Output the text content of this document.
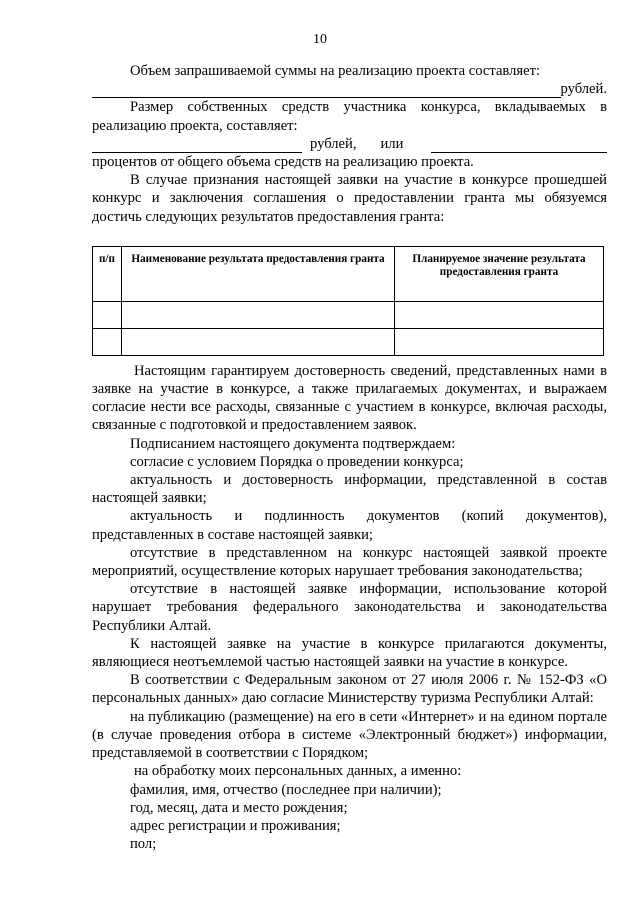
10

Объем запрашиваемой суммы на реализацию проекта составляет:

рублей.

Размер собственных средств участника конкурса, вкладываемых в реализацию проекта, составляет:

рублей, или

процентов от общего объема средств на реализацию проекта.

В случае признания настоящей заявки на участие в конкурсе прошедшей конкурс и заключения соглашения о предоставлении гранта мы обязуемся достичь следующих результатов предоставления гранта:

п/п	Наименование результата предоставления гранта	Планируемое значение результата предоставления гранта

Настоящим гарантируем достоверность сведений, представленных нами в заявке на участие в конкурсе, а также прилагаемых документах, и выражаем согласие нести все расходы, связанные с участием в конкурсе, включая расходы, связанные с подготовкой и предоставлением заявок.

Подписанием настоящего документа подтверждаем:

согласие с условием Порядка о проведении конкурса;

актуальность и достоверность информации, представленной в состав настоящей заявки;

актуальность и подлинность документов (копий документов), представленных в составе настоящей заявки;

отсутствие в представленном на конкурс настоящей заявкой проекте мероприятий, осуществление которых нарушает требования законодательства;

отсутствие в настоящей заявке информации, использование которой нарушает требования федерального законодательства и законодательства Республики Алтай.

К настоящей заявке на участие в конкурсе прилагаются документы, являющиеся неотъемлемой частью настоящей заявки на участие в конкурсе.

В соответствии с Федеральным законом от 27 июля 2006 г. № 152-ФЗ «О персональных данных» даю согласие Министерству туризма Республики Алтай:

на публикацию (размещение) на его в сети «Интернет» и на едином портале (в случае проведения отбора в системе «Электронный бюджет») информации, представляемой в соответствии с Порядком;

на обработку моих персональных данных, а именно:

фамилия, имя, отчество (последнее при наличии);

год, месяц, дата и место рождения;

адрес регистрации и проживания;

пол;
